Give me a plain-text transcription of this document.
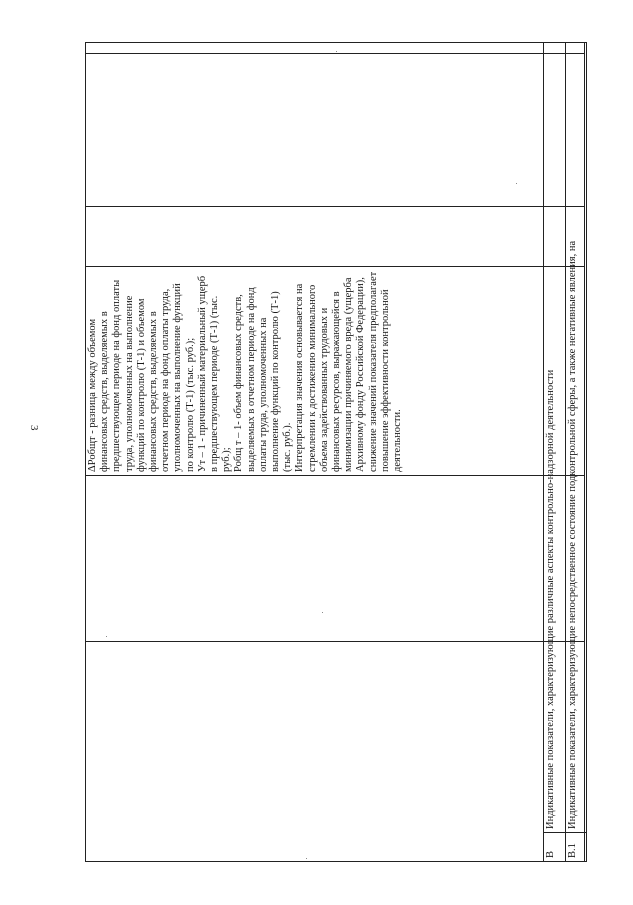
3
			ΔРобщт - разница между объемом финансовых средств, выделяемых в предшествующем периоде на фонд оплаты труда, уполномоченных на выполнение функций по контролю (Т-1) и объемом финансовых средств, выделяемых в отчетном периоде на фонд оплаты труда, уполномоченных на выполнение функций по контролю (Т-1) (тыс. руб.); Ут – 1 - причиненный материальный ущерб в предшествующем периоде (Т-1) (тыс. руб.); Робщ т – 1- объем финансовых средств, выделяемых в отчетном периоде на фонд оплаты труда, уполномоченных на выполнение функций по контролю (Т-1) (тыс. руб.). Интерпретация значения основывается на стремлении к достижению минимального объема задействованных трудовых и финансовых ресурсов, выражающейся в минимизации причиняемого вреда (ущерба Архивному фонду Российской Федерации), снижение значений показателя предполагает повышение эффективности контрольной деятельности.

В	Индикативные показатели, характеризующие различные аспекты контрольно-надзорной деятельности
В.1	Индикативные показатели, характеризующие непосредственное состояние подконтрольной сферы, а также негативные явления, на
